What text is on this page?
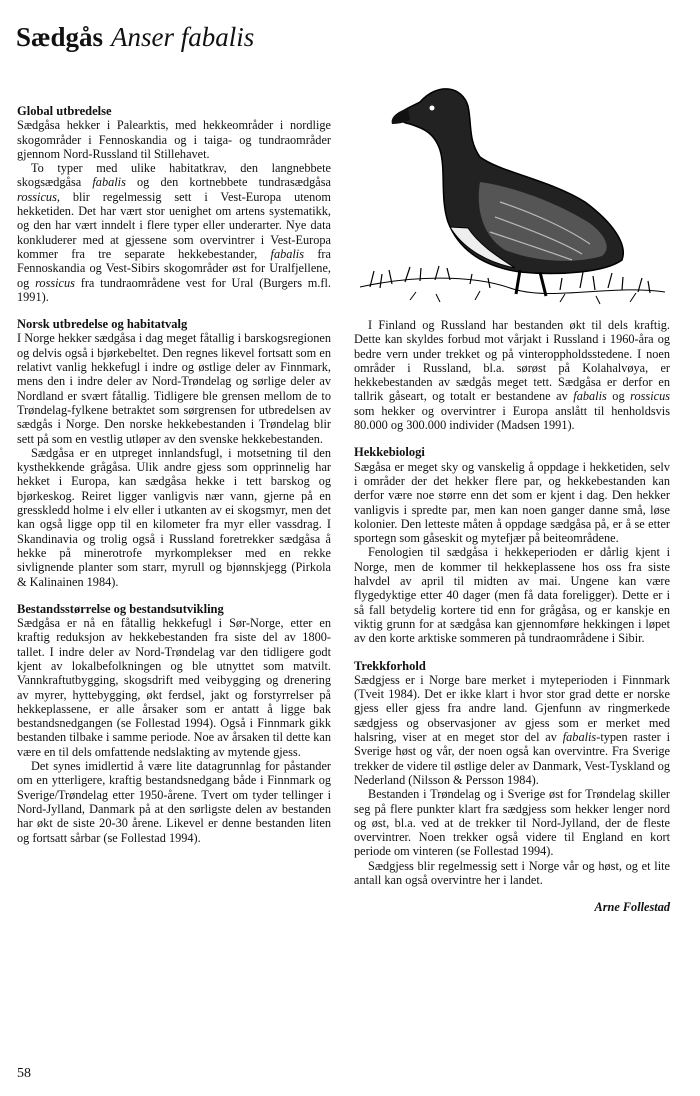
Sædgås Anser fabalis
Global utbredelse

Sædgåsa hekker i Palearktis, med hekkeområder i nordlige skogområder i Fennoskandia og i taiga- og tundraområder gjennom Nord-Russland til Stillehavet.

To typer med ulike habitatkrav, den langnebbete skogsædgåsa fabalis og den kortnebbete tundrasædgåsa rossicus, blir regelmessig sett i Vest-Europa utenom hekketiden. Det har vært stor uenighet om artens systematikk, og den har vært inndelt i flere typer eller underarter. Nye data konkluderer med at gjessene som overvintrer i Vest-Europa kommer fra tre separate hekkebestander, fabalis fra Fennoskandia og Vest-Sibirs skogområder øst for Uralfjellene, og rossicus fra tundraområdene vest for Ural (Burgers m.fl. 1991).

Norsk utbredelse og habitatvalg

I Norge hekker sædgåsa i dag meget fåtallig i barskogsregionen og delvis også i bjørkebeltet. Den regnes likevel fortsatt som en relativt vanlig hekkefugl i indre og østlige deler av Finnmark, mens den i indre deler av Nord-Trøndelag og sørlige deler av Nordland er svært fåtallig. Tidligere ble grensen mellom de to Trøndelag-fylkene betraktet som sørgrensen for utbredelsen av sædgås i Norge. Den norske hekkebestanden i Trøndelag blir sett på som en vestlig utløper av den svenske hekkebestanden.

Sædgåsa er en utpreget innlandsfugl, i motsetning til den kysthekkende grågåsa. Ulik andre gjess som opprinnelig har hekket i Europa, kan sædgåsa hekke i tett barskog og bjørkeskog. Reiret ligger vanligvis nær vann, gjerne på en gresskledd holme i elv eller i utkanten av ei skogsmyr, men det kan også ligge opp til en kilometer fra myr eller vassdrag. I Skandinavia og trolig også i Russland foretrekker sædgåsa å hekke på minerotrofe myrkomplekser med en rekke sivlignende planter som starr, myrull og bjønnskjegg (Pirkola & Kalinainen 1984).

Bestandsstørrelse og bestandsutvikling

Sædgåsa er nå en fåtallig hekkefugl i Sør-Norge, etter en kraftig reduksjon av hekkebestanden fra siste del av 1800-tallet. I indre deler av Nord-Trøndelag var den tidligere godt kjent av lokalbefolkningen og ble utnyttet som matvilt. Vannkraftutbygging, skogsdrift med veibygging og drenering av myrer, hyttebygging, økt ferdsel, jakt og forstyrrelser på hekkeplassene, er alle årsaker som er antatt å ligge bak bestandsnedgangen (se Follestad 1994). Også i Finnmark gikk bestanden tilbake i samme periode. Noe av årsaken til dette kan være en til dels omfattende nedslakting av mytende gjess.

Det synes imidlertid å være lite datagrunnlag for påstander om en ytterligere, kraftig bestandsnedgang både i Finnmark og Sverige/Trøndelag etter 1950-årene. Tvert om tyder tellinger i Nord-Jylland, Danmark på at den sørligste delen av bestanden har økt de siste 20-30 årene. Likevel er denne bestanden liten og fortsatt sårbar (se Follestad 1994).

I Finland og Russland har bestanden økt til dels kraftig. Dette kan skyldes forbud mot vårjakt i Russland i 1960-åra og bedre vern under trekket og på vinteroppholdsstedene. I noen områder i Russland, bl.a. sørøst på Kolahalvøya, er hekkebestanden av sædgås meget tett. Sædgåsa er derfor en tallrik gåseart, og totalt er bestandene av fabalis og rossicus som hekker og overvintrer i Europa anslått til henholdsvis 80.000 og 300.000 individer (Madsen 1991).

Hekkebiologi

Sægåsa er meget sky og vanskelig å oppdage i hekketiden, selv i områder der det hekker flere par, og hekkebestanden kan derfor være noe større enn det som er kjent i dag. Den hekker vanligvis i spredte par, men kan noen ganger danne små, løse kolonier. Den letteste måten å oppdage sædgåsa på, er å se etter sportegn som gåseskit og mytefjær på beiteområdene.

Fenologien til sædgåsa i hekkeperioden er dårlig kjent i Norge, men de kommer til hekkeplassene hos oss fra siste halvdel av april til midten av mai. Ungene kan være flygedyktige etter 40 dager (men få data foreligger). Dette er i så fall betydelig kortere tid enn for grågåsa, og er kanskje en viktig grunn for at sædgåsa kan gjennomføre hekkingen i løpet av den korte arktiske sommeren på tundraområdene i Sibir.

Trekkforhold

Sædgjess er i Norge bare merket i myteperioden i Finnmark (Tveit 1984). Det er ikke klart i hvor stor grad dette er norske gjess eller gjess fra andre land. Gjenfunn av ringmerkede sædgjess og observasjoner av gjess som er merket med halsring, viser at en meget stor del av fabalis-typen raster i Sverige høst og vår, der noen også kan overvintre. Fra Sverige trekker de videre til østlige deler av Danmark, Vest-Tyskland og Nederland (Nilsson & Persson 1984).

Bestanden i Trøndelag og i Sverige øst for Trøndelag skiller seg på flere punkter klart fra sædgjess som hekker lenger nord og øst, bl.a. ved at de trekker til Nord-Jylland, der de fleste overvintrer. Noen trekker også videre til England en kort periode om vinteren (se Follestad 1994).

Sædgjess blir regelmessig sett i Norge vår og høst, og et lite antall kan også overvintre her i landet.

Arne Follestad
58
